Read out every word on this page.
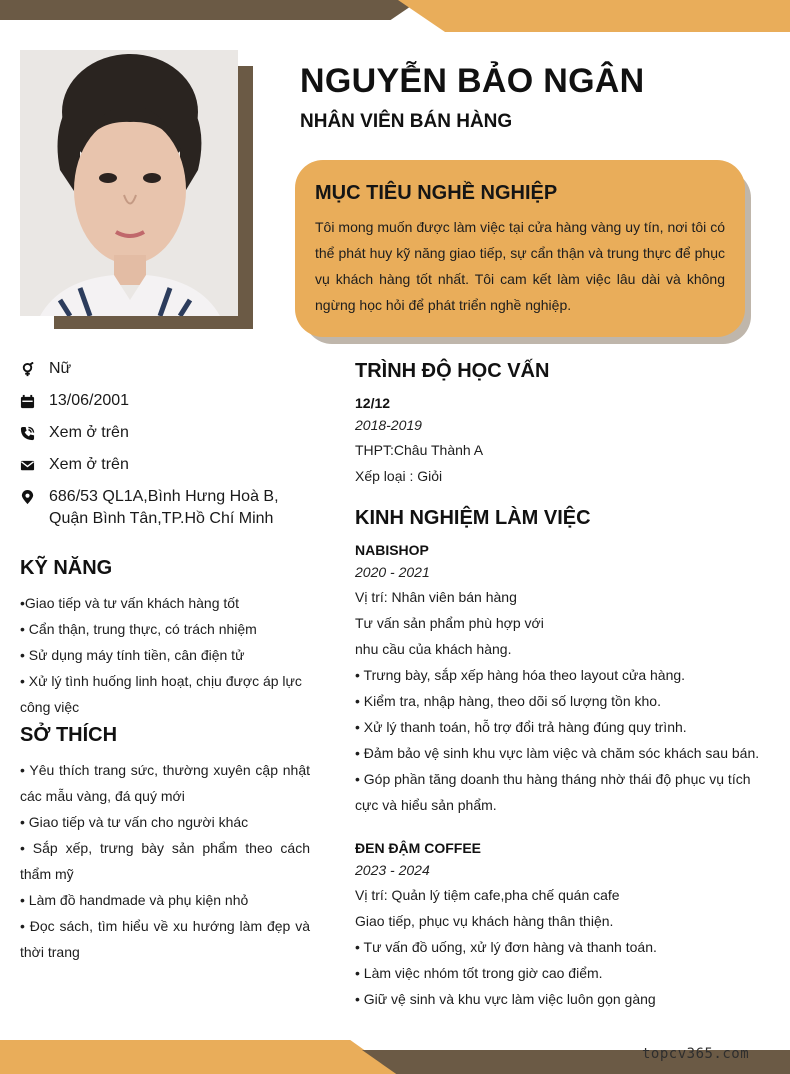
topcv365.com
NGUYỄN BẢO NGÂN
NHÂN VIÊN BÁN HÀNG
MỤC TIÊU NGHỀ NGHIỆP
Tôi mong muốn được làm việc tại cửa hàng vàng uy tín, nơi tôi có thể phát huy kỹ năng giao tiếp, sự cẩn thận và trung thực để phục vụ khách hàng tốt nhất. Tôi cam kết làm việc lâu dài và không ngừng học hỏi để phát triển nghề nghiệp.
Nữ
13/06/2001
Xem ở trên
Xem ở trên
686/53 QL1A,Bình Hưng Hoà B,
Quận Bình Tân,TP.Hồ Chí Minh
KỸ NĂNG
•Giao tiếp và tư vấn khách hàng tốt
• Cẩn thận, trung thực, có trách nhiệm
• Sử dụng máy tính tiền, cân điện tử
• Xử lý tình huống linh hoạt, chịu được áp lực công việc
SỞ THÍCH
• Yêu thích trang sức, thường xuyên cập nhật các mẫu vàng, đá quý mới
• Giao tiếp và tư vấn cho người khác
• Sắp xếp, trưng bày sản phẩm theo cách thẩm mỹ
• Làm đồ handmade và phụ kiện nhỏ
• Đọc sách, tìm hiểu về xu hướng làm đẹp và thời trang
TRÌNH ĐỘ HỌC VẤN
12/12
2018-2019
THPT:Châu Thành A
Xếp loại : Giỏi
KINH NGHIỆM LÀM VIỆC
NABISHOP
2020 - 2021
Vị trí: Nhân viên bán hàng
Tư vấn sản phẩm phù hợp với
nhu cầu của khách hàng.
• Trưng bày, sắp xếp hàng hóa theo layout cửa hàng.
• Kiểm tra, nhập hàng, theo dõi số lượng tồn kho.
• Xử lý thanh toán, hỗ trợ đổi trả hàng đúng quy trình.
• Đảm bảo vệ sinh khu vực làm việc và chăm sóc khách sau bán.
• Góp phần tăng doanh thu hàng tháng nhờ thái độ phục vụ tích cực và hiểu sản phẩm.
ĐEN ĐẬM COFFEE
2023 - 2024
Vị trí: Quản lý tiệm cafe,pha chế quán cafe
Giao tiếp, phục vụ khách hàng thân thiện.
• Tư vấn đồ uống, xử lý đơn hàng và thanh toán.
• Làm việc nhóm tốt trong giờ cao điểm.
• Giữ vệ sinh và khu vực làm việc luôn gọn gàng
